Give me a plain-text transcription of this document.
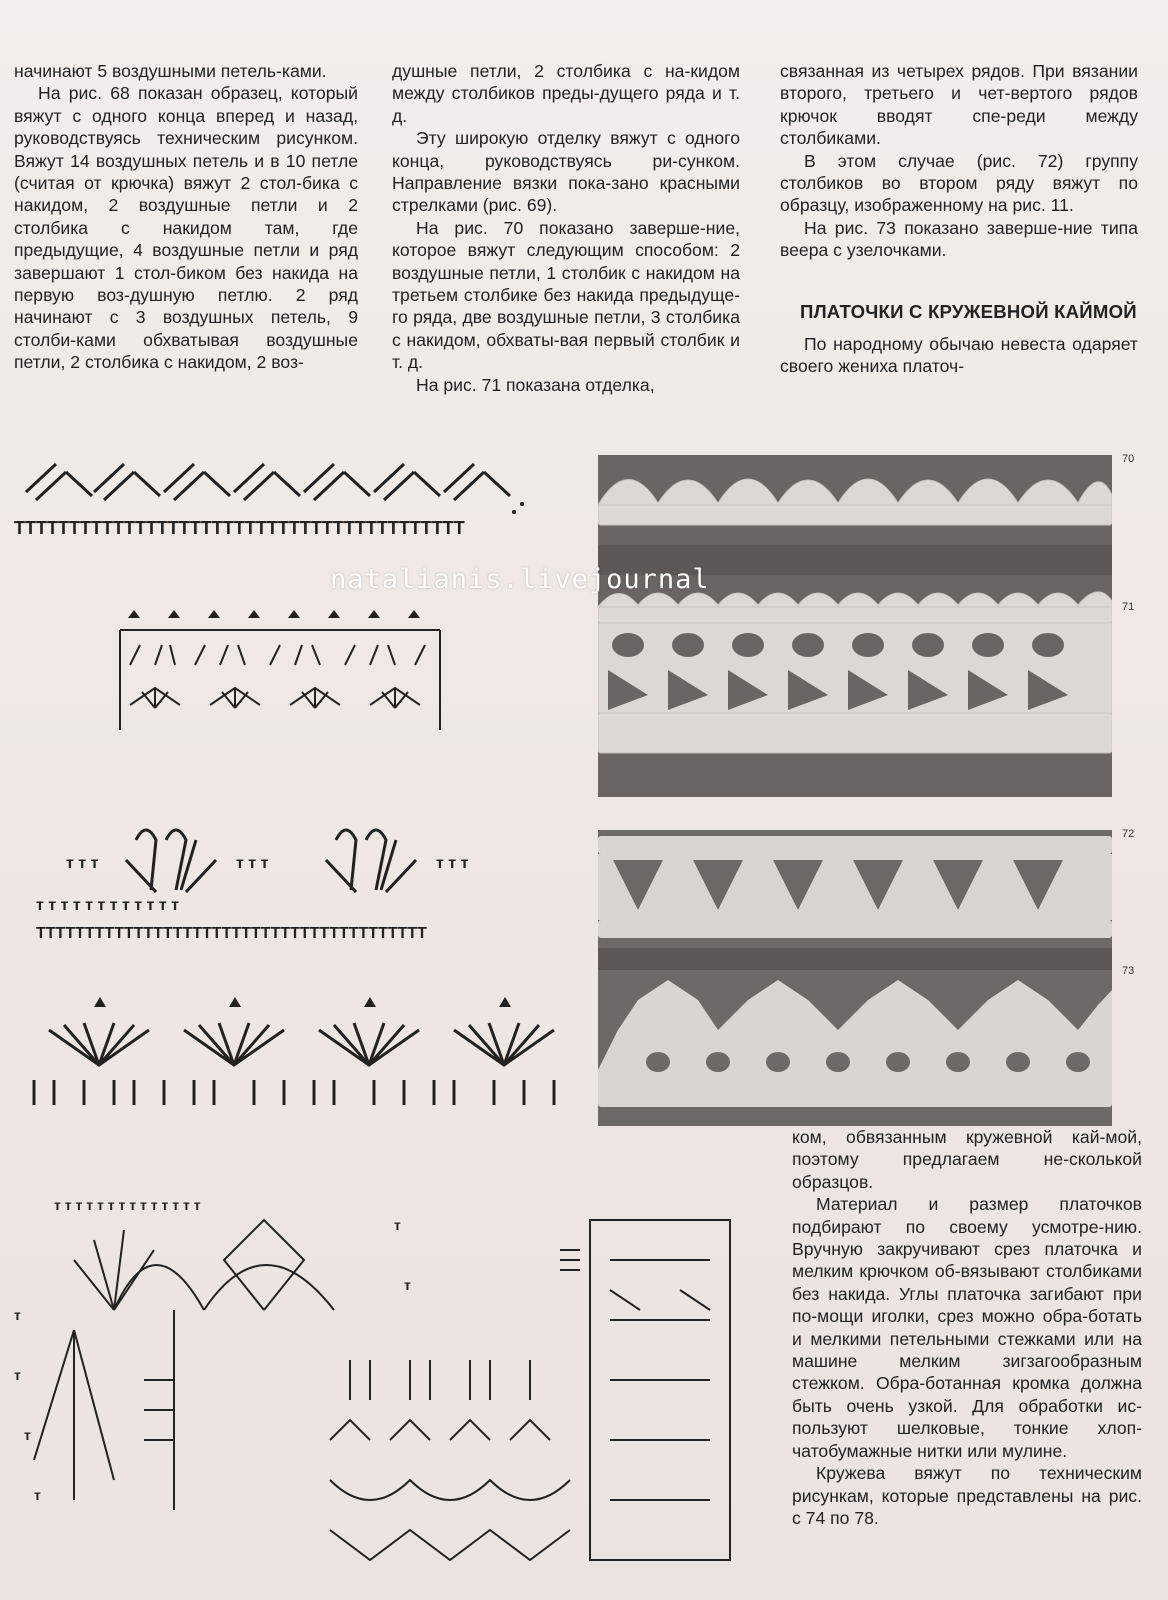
начинают 5 воздушными петель-ками.

На рис. 68 показан образец, который вяжут с одного конца вперед и назад, руководствуясь техническим рисунком. Вяжут 14 воздушных петель и в 10 петле (считая от крючка) вяжут 2 стол-бика с накидом, 2 воздушные петли и 2 столбика с накидом там, где предыдущие, 4 воздушные петли и ряд завершают 1 стол-биком без накида на первую воз-душную петлю. 2 ряд начинают с 3 воздушных петель, 9 столби-ками обхватывая воздушные петли, 2 столбика с накидом, 2 воз-

душные петли, 2 столбика с на-кидом между столбиков преды-дущего ряда и т. д.

Эту широкую отделку вяжут с одного конца, руководствуясь ри-сунком. Направление вязки пока-зано красными стрелками (рис. 69).

На рис. 70 показано заверше-ние, которое вяжут следующим способом: 2 воздушные петли, 1 столбик с накидом на третьем столбике без накида предыдуще-го ряда, две воздушные петли, 3 столбика с накидом, обхваты-вая первый столбик и т. д.

На рис. 71 показана отделка,

связанная из четырех рядов. При вязании второго, третьего и чет-вертого рядов крючок вводят спе-реди между столбиками.

В этом случае (рис. 72) группу столбиков во втором ряду вяжут по образцу, изображенному на рис. 11.

На рис. 73 показано заверше-ние типа веера с узелочками.

ПЛАТОЧКИ С КРУЖЕВНОЙ КАЙМОЙ

По народному обычаю невеста одаряет своего жениха платоч-

ком, обвязанным кружевной кай-мой, поэтому предлагаем не-сколькой образцов.

Материал и размер платочков подбирают по своему усмотре-нию. Вручную закручивают срез платочка и мелким крючком об-вязывают столбиками без накида. Углы платочка загибают при по-мощи иголки, срез можно обра-ботать и мелкими петельными стежками или на машине мелким зигзагообразным стежком. Обра-ботанная кромка должна быть очень узкой. Для обработки ис-пользуют шелковые, тонкие хлоп-чатобумажные нитки или мулине.

Кружева вяжут по техническим рисункам, которые представлены на рис. с 74 по 78.

70
71
72
73
ТТТТТТТТТТТТТТТТТТТТТТТТТТТТТТТТТТТТТТТТТ
т т т	т т т	т т т
т т т т т т т т т т т т
ТТТТТТТТТТТТТТТТТТТТТТТТТТТТТТТТТТТТТТТТ
т т т т т т т т т т т т т т
т
т
т
т
т
т
natalianis.livejournal
